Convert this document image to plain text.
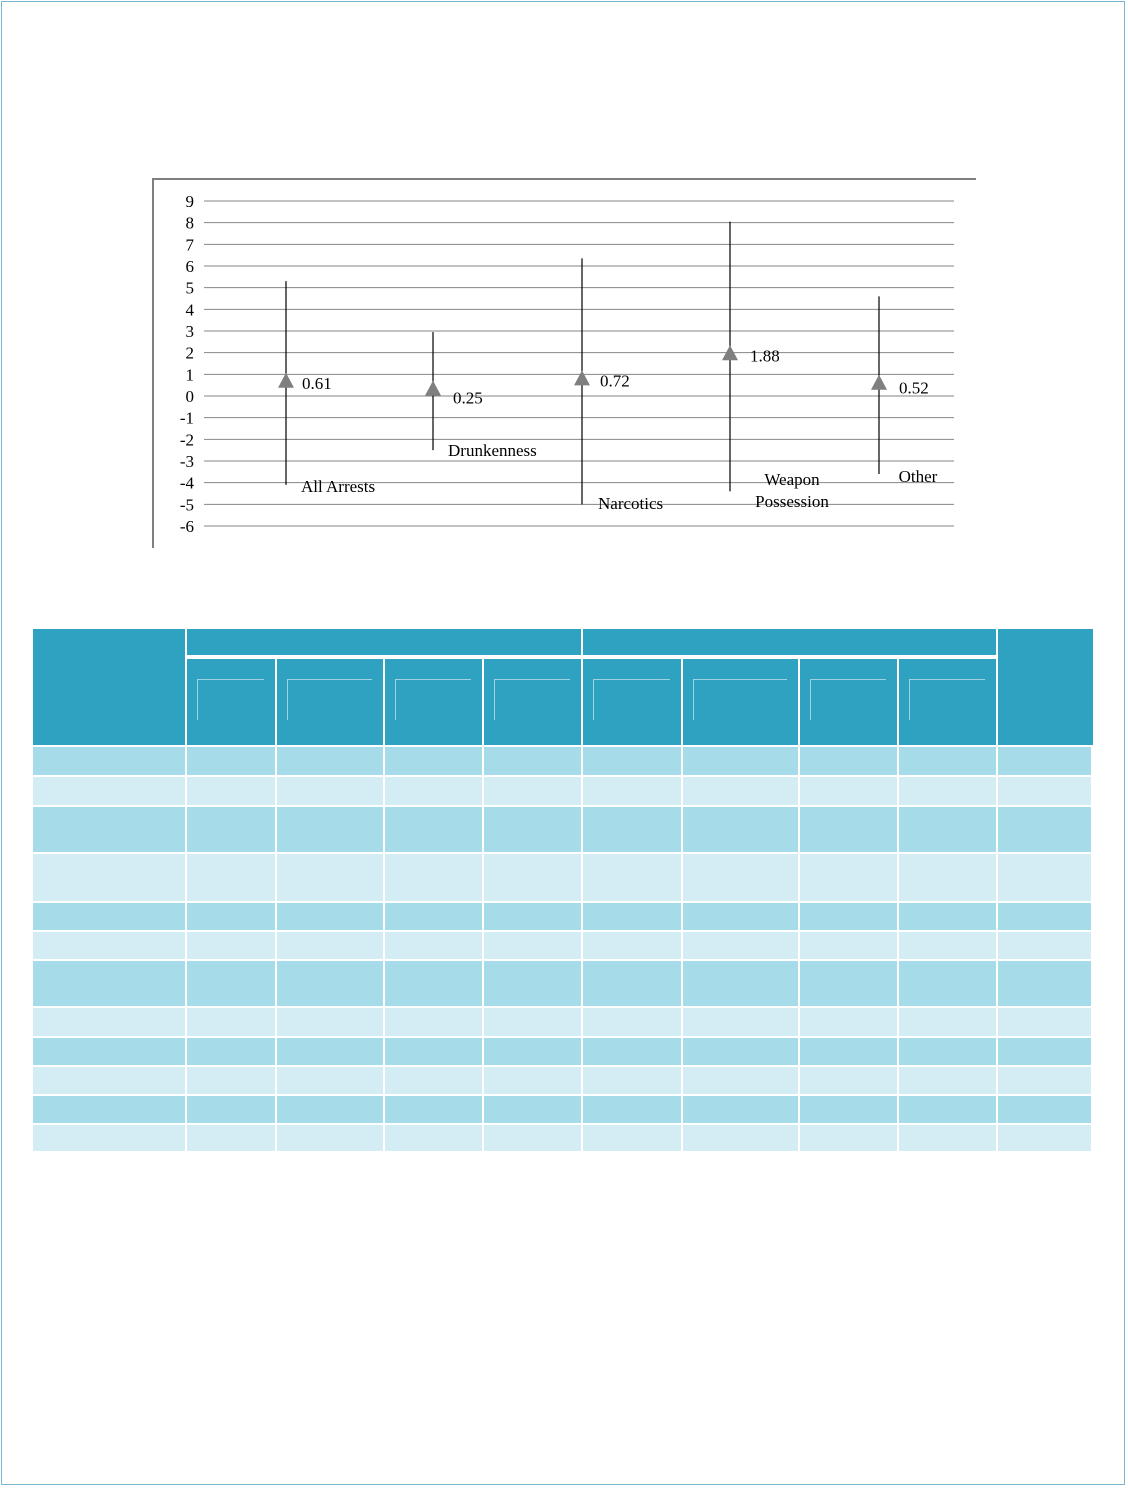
9
8
7
6
5
4
3
2
1
0
-1
-2
-3
-4
-5
-6
0.61
All Arrests
0.25
Drunkenness
0.72
Narcotics
1.88
Weapon
Possession
0.52
Other
